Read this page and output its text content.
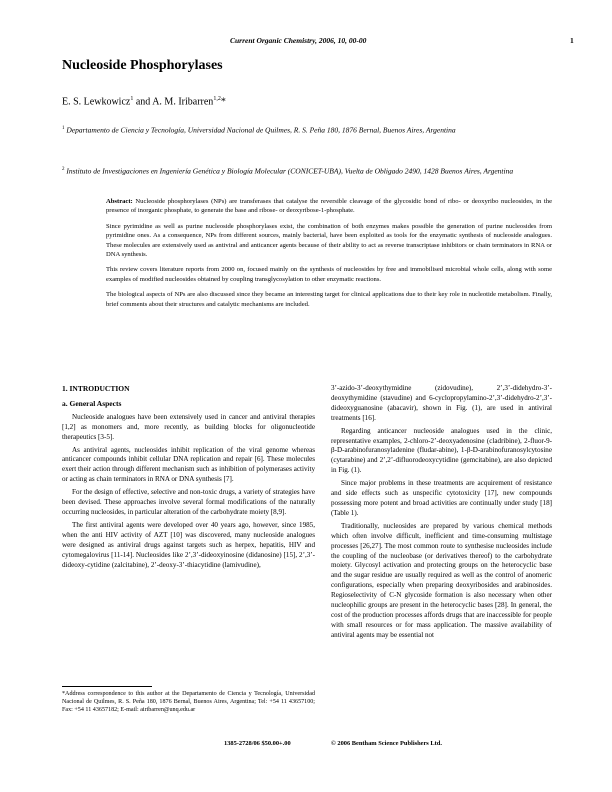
Current Organic Chemistry, 2006, 10, 00-00	1
Nucleoside Phosphorylases
E. S. Lewkowicz$^1$ and A. M. Iribarren$^{1,2}$*
$^1$ Departamento de Ciencia y Tecnología, Universidad Nacional de Quilmes, R. S. Peña 180, 1876 Bernal, Buenos Aires, Argentina
$^2$ Instituto de Investigaciones en Ingeniería Genética y Biología Molecular (CONICET-UBA), Vuelta de Obligado 2490, 1428 Buenos Aires, Argentina

Abstract: Nucleoside phosphorylases (NPs) are transferases that catalyse the reversible cleavage of the glycosidic bond of ribo- or deoxyribo nucleosides, in the presence of inorganic phosphate, to generate the base and ribose- or deoxyribose-1-phosphate.

Since pyrimidine as well as purine nucleoside phosphorylases exist, the combination of both enzymes makes possible the generation of purine nucleosides from pyrimidine ones. As a consequence, NPs from different sources, mainly bacterial, have been exploited as tools for the enzymatic synthesis of nucleoside analogues. These molecules are extensively used as antiviral and anticancer agents because of their ability to act as reverse transcriptase inhibitors or chain terminators in RNA or DNA synthesis.

This review covers literature reports from 2000 on, focused mainly on the synthesis of nucleosides by free and immobilised microbial whole cells, along with some examples of modified nucleosides obtained by coupling transglycosylation to other enzymatic reactions.

The biological aspects of NPs are also discussed since they became an interesting target for clinical applications due to their key role in nucleotide metabolism. Finally, brief comments about their structures and catalytic mechanisms are included.

1. INTRODUCTION
a. General Aspects

Nucleoside analogues have been extensively used in cancer and antiviral therapies [1,2] as monomers and, more recently, as building blocks for oligonucleotide therapeutics [3-5].

As antiviral agents, nucleosides inhibit replication of the viral genome whereas anticancer compounds inhibit cellular DNA replication and repair [6]. These molecules exert their action through different mechanism such as inhibition of polymerases activity or acting as chain terminators in RNA or DNA synthesis [7].

For the design of effective, selective and non-toxic drugs, a variety of strategies have been devised. These approaches involve several formal modifications of the naturally occurring nucleosides, in particular alteration of the carbohydrate moiety [8,9].

The first antiviral agents were developed over 40 years ago, however, since 1985, when the anti HIV activity of AZT [10] was discovered, many nucleoside analogues were designed as antiviral drugs against targets such as herpex, hepatitis, HIV and cytomegalovirus [11-14]. Nucleosides like 2’,3’-dideoxyinosine (didanosine) [15], 2’,3’-dideoxy-cytidine (zalcitabine), 2’-deoxy-3’-thiacytidine (lamivudine),

3’-azido-3’-deoxythymidine (zidovudine), 2’,3’-didehydro-3’-deoxythymidine (stavudine) and 6-cyclopropylamino-2’,3’-didehydro-2’,3’-dideoxyguanosine (abacavir), shown in Fig. (1), are used in antiviral treatments [16].

Regarding anticancer nucleoside analogues used in the clinic, representative examples, 2-chloro-2’-deoxyadenosine (cladribine), 2-fluor-9-β-D-arabinofuranosyladenine (fludar-abine), 1-β-D-arabinofuranosylcytosine (cytarabine) and 2’,2’-difluorodeoxycytidine (gemcitabine), are also depicted in Fig. (1).

Since major problems in these treatments are acquirement of resistance and side effects such as unspecific cytotoxicity [17], new compounds possessing more potent and broad activities are continually under study [18] (Table 1).

Traditionally, nucleosides are prepared by various chemical methods which often involve difficult, inefficient and time-consuming multistage processes [26,27]. The most common route to synthesise nucleosides include the coupling of the nucleobase (or derivatives thereof) to the carbohydrate moiety. Glycosyl activation and protecting groups on the heterocyclic base and the sugar residue are usually required as well as the control of anomeric configurations, especially when preparing deoxyribosides and arabinosides. Regioselectivity of C-N glycoside formation is also necessary when other nucleophilic groups are present in the heterocyclic bases [28]. In general, the cost of the production processes affords drugs that are inaccessible for people with small resources or for mass application. The massive availability of antiviral agents may be essential not

*Address correspondence to this author at the Departamento de Ciencia y Tecnología, Universidad Nacional de Quilmes, R. S. Peña 180, 1876 Bernal, Buenos Aires, Argentina; Tel: +54 11 43657100; Fax: +54 11 43657182; E-mail: airibarren@unq.edu.ar
1385-2728/06 $50.00+.00	© 2006 Bentham Science Publishers Ltd.
